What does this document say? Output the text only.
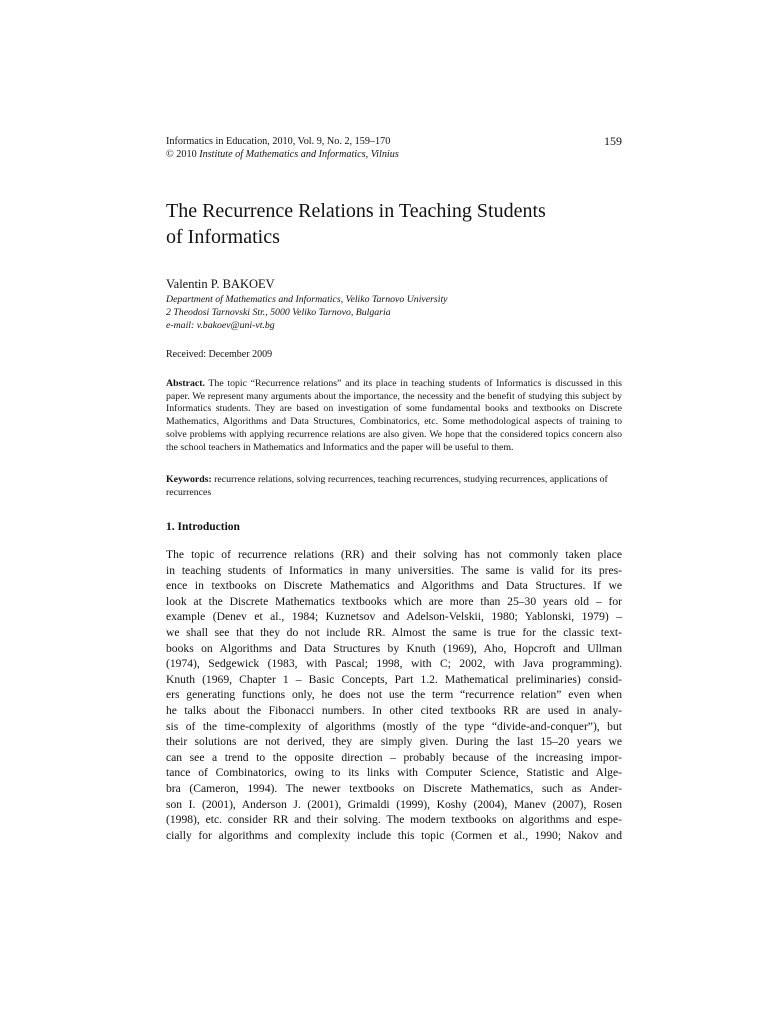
Informatics in Education, 2010, Vol. 9, No. 2, 159–170
© 2010 Institute of Mathematics and Informatics, Vilnius
159
The Recurrence Relations in Teaching Students
of Informatics
Valentin P. BAKOEV
Department of Mathematics and Informatics, Veliko Tarnovo University
2 Theodosi Tarnovski Str., 5000 Veliko Tarnovo, Bulgaria
e-mail: v.bakoev@uni-vt.bg
Received: December 2009
Abstract. The topic “Recurrence relations” and its place in teaching students of Informatics is discussed in this paper. We represent many arguments about the importance, the necessity and the benefit of studying this subject by Informatics students. They are based on investigation of some fundamental books and textbooks on Discrete Mathematics, Algorithms and Data Structures, Combinatorics, etc. Some methodological aspects of training to solve problems with applying recurrence relations are also given. We hope that the considered topics concern also the school teachers in Mathematics and Informatics and the paper will be useful to them.
Keywords: recurrence relations, solving recurrences, teaching recurrences, studying recurrences, applications of recurrences
1. Introduction
The topic of recurrence relations (RR) and their solving has not commonly taken place
in teaching students of Informatics in many universities. The same is valid for its pres-
ence in textbooks on Discrete Mathematics and Algorithms and Data Structures. If we
look at the Discrete Mathematics textbooks which are more than 25–30 years old – for
example (Denev et al., 1984; Kuznetsov and Adelson-Velskii, 1980; Yablonski, 1979) –
we shall see that they do not include RR. Almost the same is true for the classic text-
books on Algorithms and Data Structures by Knuth (1969), Aho, Hopcroft and Ullman
(1974), Sedgewick (1983, with Pascal; 1998, with C; 2002, with Java programming).
Knuth (1969, Chapter 1 – Basic Concepts, Part 1.2. Mathematical preliminaries) consid-
ers generating functions only, he does not use the term “recurrence relation” even when
he talks about the Fibonacci numbers. In other cited textbooks RR are used in analy-
sis of the time-complexity of algorithms (mostly of the type “divide-and-conquer”), but
their solutions are not derived, they are simply given. During the last 15–20 years we
can see a trend to the opposite direction – probably because of the increasing impor-
tance of Combinatorics, owing to its links with Computer Science, Statistic and Alge-
bra (Cameron, 1994). The newer textbooks on Discrete Mathematics, such as Ander-
son I. (2001), Anderson J. (2001), Grimaldi (1999), Koshy (2004), Manev (2007), Rosen
(1998), etc. consider RR and their solving. The modern textbooks on algorithms and espe-
cially for algorithms and complexity include this topic (Cormen et al., 1990; Nakov and
